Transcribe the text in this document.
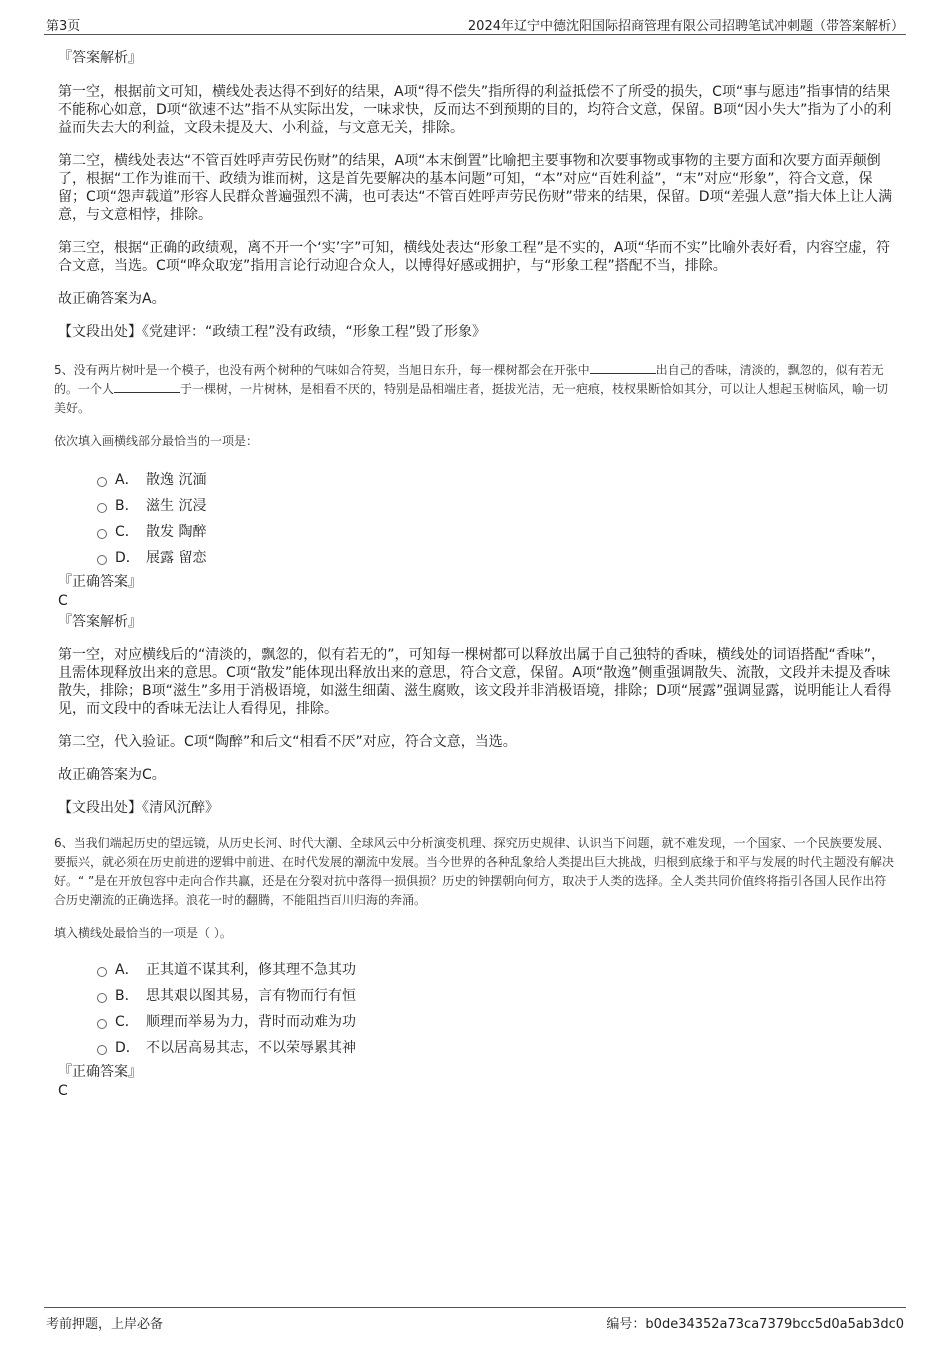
第3页	2024年辽宁中德沈阳国际招商管理有限公司招聘笔试冲刺题（带答案解析）
『答案解析』

第一空，根据前文可知，横线处表达得不到好的结果，A项“得不偿失”指所得的利益抵偿不了所受的损失，C项“事与愿违”指事情的结果不能称心如意，D项“欲速不达”指不从实际出发，一味求快，反而达不到预期的目的，均符合文意，保留。B项“因小失大”指为了小的利益而失去大的利益，文段未提及大、小利益，与文意无关，排除。

第二空，横线处表达“不管百姓呼声劳民伤财”的结果，A项“本末倒置”比喻把主要事物和次要事物或事物的主要方面和次要方面弄颠倒了，根据“工作为谁而干、政绩为谁而树，这是首先要解决的基本问题”可知，“本”对应“百姓利益”，“末”对应“形象”，符合文意，保留；C项“怨声载道”形容人民群众普遍强烈不满，也可表达“不管百姓呼声劳民伤财”带来的结果，保留。D项“差强人意”指大体上让人满意，与文意相悖，排除。

第三空，根据“正确的政绩观，离不开一个‘实’字”可知，横线处表达“形象工程”是不实的，A项“华而不实”比喻外表好看，内容空虚，符合文意，当选。C项“哗众取宠”指用言论行动迎合众人，以博得好感或拥护，与“形象工程”搭配不当，排除。

故正确答案为A。

【文段出处】《党建评：“政绩工程”没有政绩，“形象工程”毁了形象》

5、没有两片树叶是一个模子，也没有两个树种的气味如合符契，当旭日东升，每一棵树都会在开张中	出自己的香味，清淡的，飘忽的，似有若无的。一个人	于一棵树，一片树林，是相看不厌的，特别是品相端庄者，挺拔光洁，无一疤痕，枝杈果断恰如其分，可以让人想起玉树临风，喻一切美好。

依次填入画横线部分最恰当的一项是：

A． 散逸 沉湎
B． 滋生 沉浸
C． 散发 陶醉
D． 展露 留恋
『正确答案』
C
『答案解析』

第一空，对应横线后的“清淡的，飘忽的，似有若无的”，可知每一棵树都可以释放出属于自己独特的香味，横线处的词语搭配“香味”，且需体现释放出来的意思。C项“散发”能体现出释放出来的意思，符合文意，保留。A项“散逸”侧重强调散失、流散，文段并未提及香味散失，排除；B项“滋生”多用于消极语境，如滋生细菌、滋生腐败，该文段并非消极语境，排除；D项“展露”强调显露，说明能让人看得见，而文段中的香味无法让人看得见，排除。

第二空，代入验证。C项“陶醉”和后文“相看不厌”对应，符合文意，当选。

故正确答案为C。

【文段出处】《清风沉醉》

6、当我们端起历史的望远镜，从历史长河、时代大潮、全球风云中分析演变机理、探究历史规律、认识当下问题，就不难发现，一个国家、一个民族要发展、要振兴，就必须在历史前进的逻辑中前进、在时代发展的潮流中发展。当今世界的各种乱象给人类提出巨大挑战，归根到底缘于和平与发展的时代主题没有解决好。“ ”是在开放包容中走向合作共赢，还是在分裂对抗中落得一损俱损？历史的钟摆朝向何方，取决于人类的选择。全人类共同价值终将指引各国人民作出符合历史潮流的正确选择。浪花一时的翻腾，不能阻挡百川归海的奔涌。

填入横线处最恰当的一项是（ ）。

A． 正其道不谋其利，修其理不急其功
B． 思其艰以图其易，言有物而行有恒
C． 顺理而举易为力，背时而动难为功
D． 不以居高易其志，不以荣辱累其神
『正确答案』
C
考前押题，上岸必备	编号：b0de34352a73ca7379bcc5d0a5ab3dc0
